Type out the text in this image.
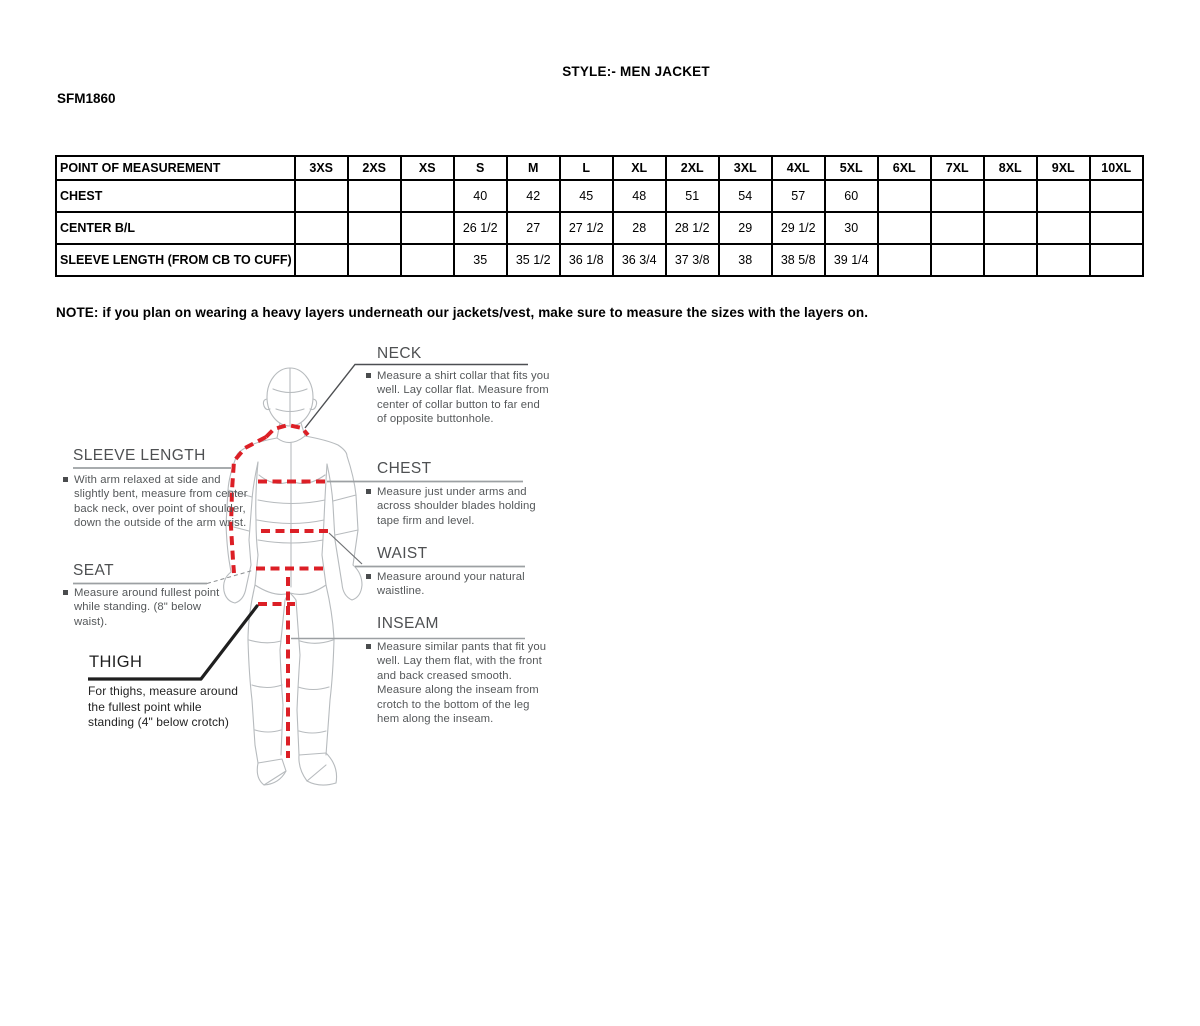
STYLE:- MEN JACKET
SFM1860
POINT OF MEASUREMENT	3XS	2XS	XS	S	M	L	XL	2XL	3XL	4XL	5XL	6XL	7XL	8XL	9XL	10XL
CHEST				40	42	45	48	51	54	57	60					
CENTER B/L				26 1/2	27	27 1/2	28	28 1/2	29	29 1/2	30					
SLEEVE LENGTH (FROM CB TO CUFF)				35	35 1/2	36 1/8	36 3/4	37 3/8	38	38 5/8	39 1/4					
NOTE: if you plan on wearing a heavy layers underneath our jackets/vest, make sure to measure the sizes with the layers on.
SLEEVE LENGTH
With arm relaxed at side and slightly bent, measure from center back neck, over point of shoulder, down the outside of the arm wrist.
SEAT
Measure around fullest point while standing. (8" below waist).
THIGH
For thighs, measure around the fullest point while standing (4" below crotch)
NECK
Measure a shirt collar that fits you well. Lay collar flat. Measure from center of collar button to far end of opposite buttonhole.
CHEST
Measure just under arms and across shoulder blades holding tape firm and level.
WAIST
Measure around your natural waistline.
INSEAM
Measure similar pants that fit you well. Lay them flat, with the front and back creased smooth. Measure along the inseam from crotch to the bottom of the leg hem along the inseam.
